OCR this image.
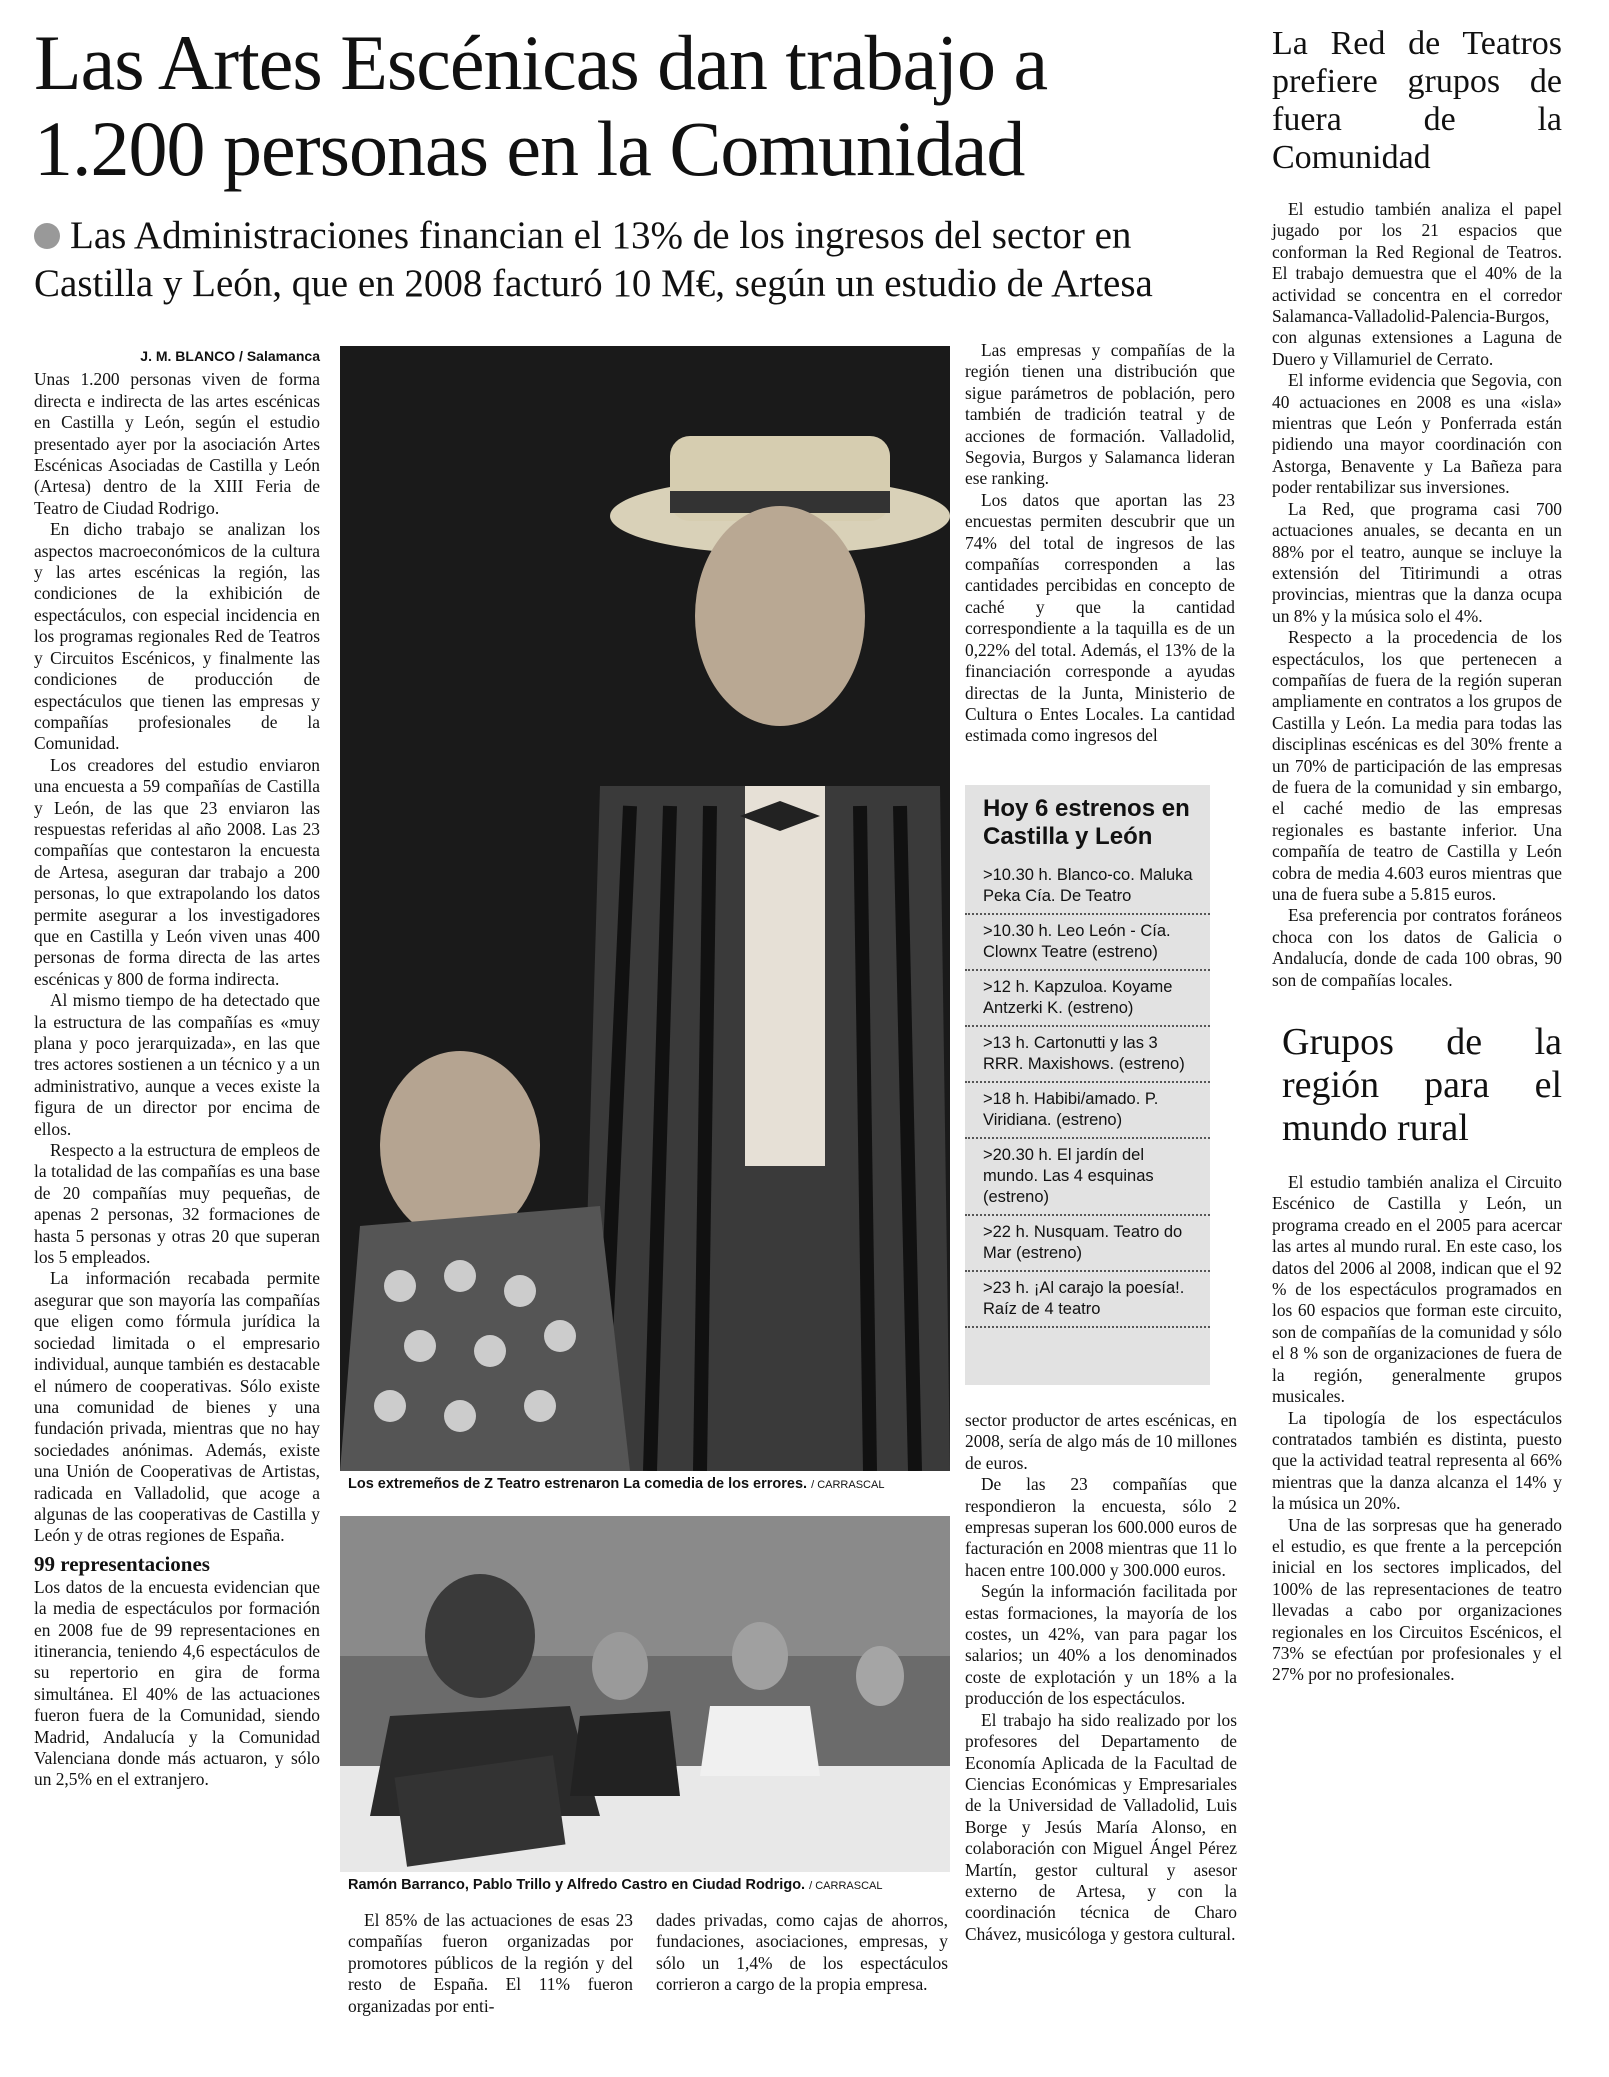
Las Artes Escénicas dan trabajo a
1.200 personas en la Comunidad
Las Administraciones financian el 13% de los ingresos del sector en Castilla y León, que en 2008 facturó 10 M€, según un estudio de Artesa

J. M. BLANCO / Salamanca

Unas 1.200 personas viven de forma directa e indirecta de las artes escénicas en Castilla y León, según el estudio presentado ayer por la asociación Artes Escénicas Asociadas de Castilla y León (Artesa) dentro de la XIII Feria de Teatro de Ciudad Rodrigo.

En dicho trabajo se analizan los aspectos macroeconómicos de la cultura y las artes escénicas la región, las condiciones de la exhibición de espectáculos, con especial incidencia en los programas regionales Red de Teatros y Circuitos Escénicos, y finalmente las condiciones de producción de espectáculos que tienen las empresas y compañías profesionales de la Comunidad.

Los creadores del estudio enviaron una encuesta a 59 compañías de Castilla y León, de las que 23 enviaron las respuestas referidas al año 2008. Las 23 compañías que contestaron la encuesta de Artesa, aseguran dar trabajo a 200 personas, lo que extrapolando los datos permite asegurar a los investigadores que en Castilla y León viven unas 400 personas de forma directa de las artes escénicas y 800 de forma indirecta.

Al mismo tiempo de ha detectado que la estructura de las compañías es «muy plana y poco jerarquizada», en las que tres actores sostienen a un técnico y a un administrativo, aunque a veces existe la figura de un director por encima de ellos.

Respecto a la estructura de empleos de la totalidad de las compañías es una base de 20 compañías muy pequeñas, de apenas 2 personas, 32 formaciones de hasta 5 personas y otras 20 que superan los 5 empleados.

La información recabada permite asegurar que son mayoría las compañías que eligen como fórmula jurídica la sociedad limitada o el empresario individual, aunque también es destacable el número de cooperativas. Sólo existe una comunidad de bienes y una fundación privada, mientras que no hay sociedades anónimas. Además, existe una Unión de Cooperativas de Artistas, radicada en Valladolid, que acoge a algunas de las cooperativas de Castilla y León y de otras regiones de España.

99 representaciones

Los datos de la encuesta evidencian que la media de espectáculos por formación en 2008 fue de 99 representaciones en itinerancia, teniendo 4,6 espectáculos de su repertorio en gira de forma simultánea. El 40% de las actuaciones fueron fuera de la Comunidad, siendo Madrid, Andalucía y la Comunidad Valenciana donde más actuaron, y sólo un 2,5% en el extranjero.

Los extremeños de Z Teatro estrenaron La comedia de los errores. / CARRASCAL
Ramón Barranco, Pablo Trillo y Alfredo Castro en Ciudad Rodrigo. / CARRASCAL

El 85% de las actuaciones de esas 23 compañías fueron organizadas por promotores públicos de la región y del resto de España. El 11% fueron organizadas por enti-

dades privadas, como cajas de ahorros, fundaciones, asociaciones, empresas, y sólo un 1,4% de los espectáculos corrieron a cargo de la propia empresa.

Las empresas y compañías de la región tienen una distribución que sigue parámetros de población, pero también de tradición teatral y de acciones de formación. Valladolid, Segovia, Burgos y Salamanca lideran ese ranking.

Los datos que aportan las 23 encuestas permiten descubrir que un 74% del total de ingresos de las compañías corresponden a las cantidades percibidas en concepto de caché y que la cantidad correspondiente a la taquilla es de un 0,22% del total. Además, el 13% de la financiación corresponde a ayudas directas de la Junta, Ministerio de Cultura o Entes Locales. La cantidad estimada como ingresos del

Hoy 6 estrenos en Castilla y León
>10.30 h. Blanco-co. Maluka Peka Cía. De Teatro
>10.30 h. Leo León - Cía. Clownx Teatre (estreno)
>12 h. Kapzuloa. Koyame Antzerki K. (estreno)
>13 h. Cartonutti y las 3 RRR. Maxishows. (estreno)
>18 h. Habibi/amado. P. Viridiana. (estreno)
>20.30 h. El jardín del mundo. Las 4 esquinas (estreno)
>22 h. Nusquam. Teatro do Mar (estreno)
>23 h. ¡Al carajo la poesía!. Raíz de 4 teatro

sector productor de artes escénicas, en 2008, sería de algo más de 10 millones de euros.

De las 23 compañías que respondieron la encuesta, sólo 2 empresas superan los 600.000 euros de facturación en 2008 mientras que 11 lo hacen entre 100.000 y 300.000 euros.

Según la información facilitada por estas formaciones, la mayoría de los costes, un 42%, van para pagar los salarios; un 40% a los denominados coste de explotación y un 18% a la producción de los espectáculos.

El trabajo ha sido realizado por los profesores del Departamento de Economía Aplicada de la Facultad de Ciencias Económicas y Empresariales de la Universidad de Valladolid, Luis Borge y Jesús María Alonso, en colaboración con Miguel Ángel Pérez Martín, gestor cultural y asesor externo de Artesa, y con la coordinación técnica de Charo Chávez, musicóloga y gestora cultural.

La Red de Teatros prefiere grupos de fuera de la Comunidad

El estudio también analiza el papel jugado por los 21 espacios que conforman la Red Regional de Teatros. El trabajo demuestra que el 40% de la actividad se concentra en el corredor Salamanca-Valladolid-Palencia-Burgos, con algunas extensiones a Laguna de Duero y Villamuriel de Cerrato.

El informe evidencia que Segovia, con 40 actuaciones en 2008 es una «isla» mientras que León y Ponferrada están pidiendo una mayor coordinación con Astorga, Benavente y La Bañeza para poder rentabilizar sus inversiones.

La Red, que programa casi 700 actuaciones anuales, se decanta en un 88% por el teatro, aunque se incluye la extensión del Titirimundi a otras provincias, mientras que la danza ocupa un 8% y la música solo el 4%.

Respecto a la procedencia de los espectáculos, los que pertenecen a compañías de fuera de la región superan ampliamente en contratos a los grupos de Castilla y León. La media para todas las disciplinas escénicas es del 30% frente a un 70% de participación de las empresas de fuera de la comunidad y sin embargo, el caché medio de las empresas regionales es bastante inferior. Una compañía de teatro de Castilla y León cobra de media 4.603 euros mientras que una de fuera sube a 5.815 euros.

Esa preferencia por contratos foráneos choca con los datos de Galicia o Andalucía, donde de cada 100 obras, 90 son de compañías locales.

Grupos de la región para el mundo rural

El estudio también analiza el Circuito Escénico de Castilla y León, un programa creado en el 2005 para acercar las artes al mundo rural. En este caso, los datos del 2006 al 2008, indican que el 92 % de los espectáculos programados en los 60 espacios que forman este circuito, son de compañías de la comunidad y sólo el 8 % son de organizaciones de fuera de la región, generalmente grupos musicales.

La tipología de los espectáculos contratados también es distinta, puesto que la actividad teatral representa al 66% mientras que la danza alcanza el 14% y la música un 20%.

Una de las sorpresas que ha generado el estudio, es que frente a la percepción inicial en los sectores implicados, del 100% de las representaciones de teatro llevadas a cabo por organizaciones regionales en los Circuitos Escénicos, el 73% se efectúan por profesionales y el 27% por no profesionales.
